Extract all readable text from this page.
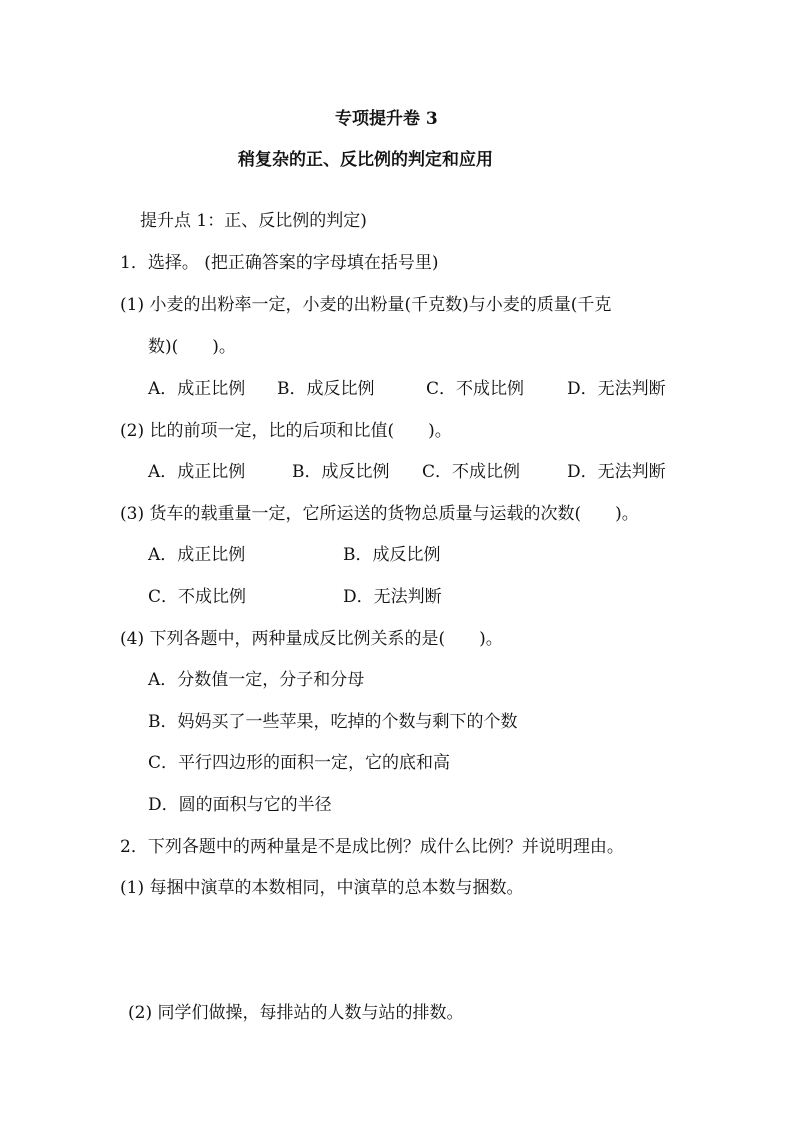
专项提升卷 3
稍复杂的正、反比例的判定和应用
提升点 1：正、反比例的判定)
1．选择。 (把正确答案的字母填在括号里)
(1) 小麦的出粉率一定，小麦的出粉量(千克数)与小麦的质量(千克
数)(　　)。
A．成正比例 B．成反比例	C．不成比例	D．无法判断
(2) 比的前项一定，比的后项和比值(　　)。
A．成正比例	B．成反比例 C．不成比例	D．无法判断
(3) 货车的载重量一定，它所运送的货物总质量与运载的次数(　　)。
A．成正比例	B．成反比例
C．不成比例	D．无法判断
(4) 下列各题中，两种量成反比例关系的是(　　)。
A．分数值一定，分子和分母
B．妈妈买了一些苹果，吃掉的个数与剩下的个数
C．平行四边形的面积一定，它的底和高
D．圆的面积与它的半径
2．下列各题中的两种量是不是成比例？成什么比例？并说明理由。
(1) 每捆中演草的本数相同，中演草的总本数与捆数。
(2) 同学们做操，每排站的人数与站的排数。
